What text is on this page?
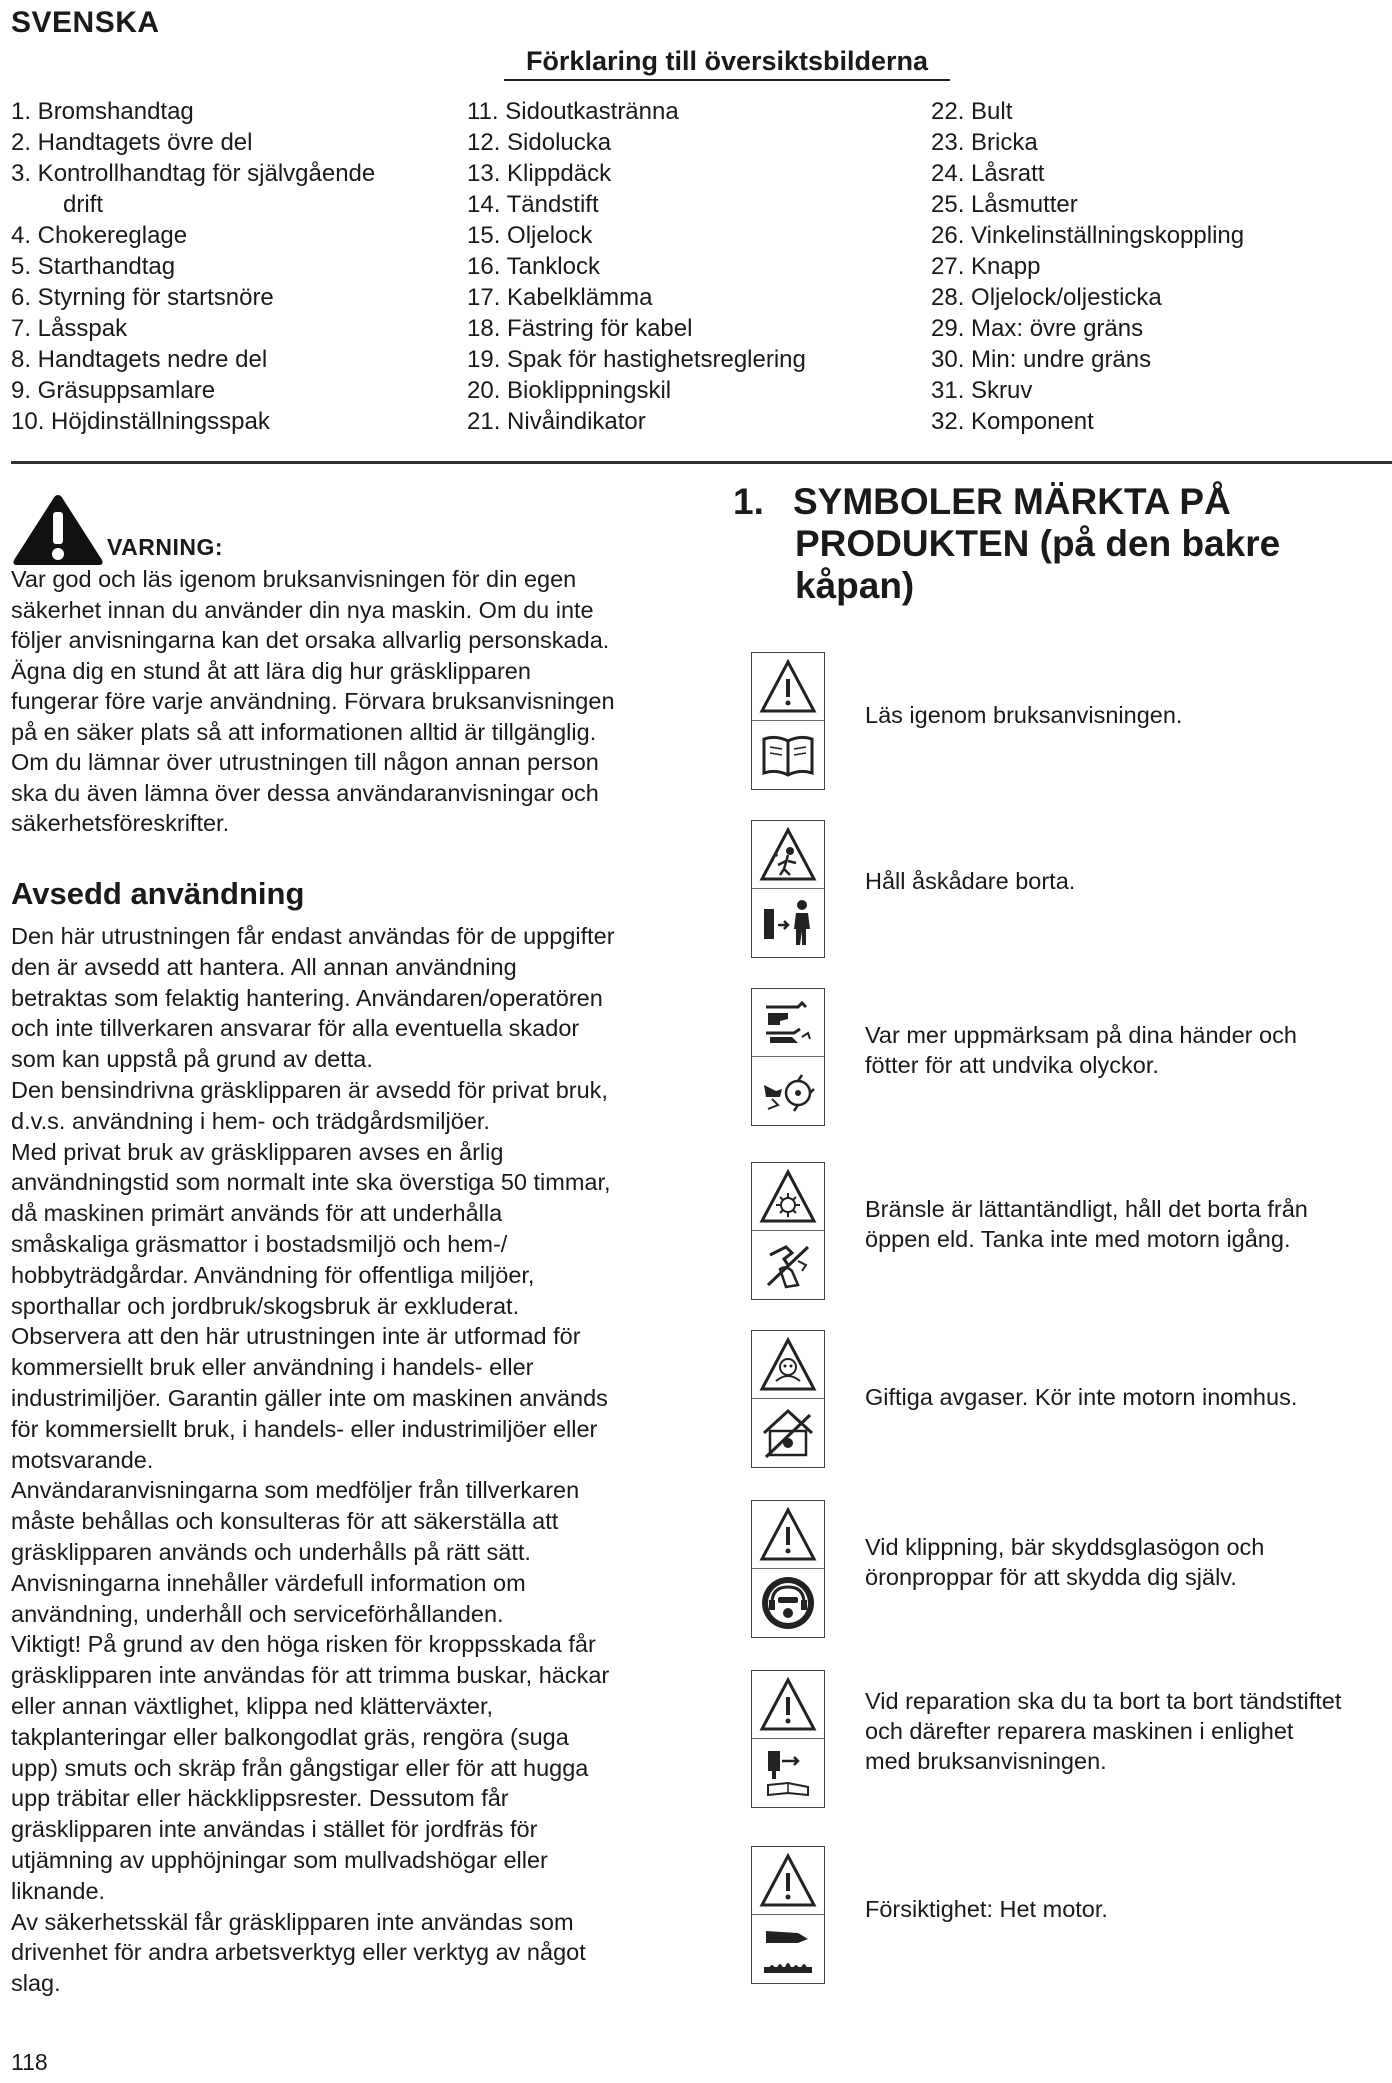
SVENSKA
Förklaring till översiktsbilderna
1. Bromshandtag
2. Handtagets övre del
3. Kontrollhandtag för självgående
drift
4. Chokereglage
5. Starthandtag
6. Styrning för startsnöre
7. Låsspak
8. Handtagets nedre del
9. Gräsuppsamlare
10. Höjdinställningsspak
11. Sidoutkastränna
12. Sidolucka
13. Klippdäck
14. Tändstift
15. Oljelock
16. Tanklock
17. Kabelklämma
18. Fästring för kabel
19. Spak för hastighetsreglering
20. Bioklippningskil
21. Nivåindikator
22. Bult
23. Bricka
24. Låsratt
25. Låsmutter
26. Vinkelinställningskoppling
27. Knapp
28. Oljelock/oljesticka
29. Max: övre gräns
30. Min: undre gräns
31. Skruv
32. Komponent
VARNING:
Var god och läs igenom bruksanvisningen för din egen
säkerhet innan du använder din nya maskin. Om du inte
följer anvisningarna kan det orsaka allvarlig personskada.
Ägna dig en stund åt att lära dig hur gräsklipparen
fungerar före varje användning. Förvara bruksanvisningen
på en säker plats så att informationen alltid är tillgänglig.
Om du lämnar över utrustningen till någon annan person
ska du även lämna över dessa användaranvisningar och
säkerhetsföreskrifter.
Avsedd användning

Den här utrustningen får endast användas för de uppgifter

den är avsedd att hantera. All annan användning

betraktas som felaktig hantering. Användaren/operatören

och inte tillverkaren ansvarar för alla eventuella skador

som kan uppstå på grund av detta.

Den bensindrivna gräsklipparen är avsedd för privat bruk,

d.v.s. användning i hem- och trädgårdsmiljöer.

Med privat bruk av gräsklipparen avses en årlig

användningstid som normalt inte ska överstiga 50 timmar,

då maskinen primärt används för att underhålla

småskaliga gräsmattor i bostadsmiljö och hem-/

hobbyträdgårdar. Användning för offentliga miljöer,

sporthallar och jordbruk/skogsbruk är exkluderat.

Observera att den här utrustningen inte är utformad för

kommersiellt bruk eller användning i handels- eller

industrimiljöer. Garantin gäller inte om maskinen används

för kommersiellt bruk, i handels- eller industrimiljöer eller

motsvarande.

Användaranvisningarna som medföljer från tillverkaren

måste behållas och konsulteras för att säkerställa att

gräsklipparen används och underhålls på rätt sätt.

Anvisningarna innehåller värdefull information om

användning, underhåll och serviceförhållanden.

Viktigt! På grund av den höga risken för kroppsskada får

gräsklipparen inte användas för att trimma buskar, häckar

eller annan växtlighet, klippa ned klätterväxter,

takplanteringar eller balkongodlat gräs, rengöra (suga

upp) smuts och skräp från gångstigar eller för att hugga

upp träbitar eller häckklippsrester. Dessutom får

gräsklipparen inte användas i stället för jordfräs för

utjämning av upphöjningar som mullvadshögar eller

liknande.

Av säkerhetsskäl får gräsklipparen inte användas som

drivenhet för andra arbetsverktyg eller verktyg av något

slag.

1. SYMBOLER MÄRKTA PÅ
PRODUKTEN (på den bakre
kåpan)
Läs igenom bruksanvisningen.
Håll åskådare borta.
Var mer uppmärksam på dina händer och
fötter för att undvika olyckor.
Bränsle är lättantändligt, håll det borta från
öppen eld. Tanka inte med motorn igång.
Giftiga avgaser. Kör inte motorn inomhus.
Vid klippning, bär skyddsglasögon och
öronproppar för att skydda dig själv.
Vid reparation ska du ta bort ta bort tändstiftet
och därefter reparera maskinen i enlighet
med bruksanvisningen.
Försiktighet: Het motor.
118
